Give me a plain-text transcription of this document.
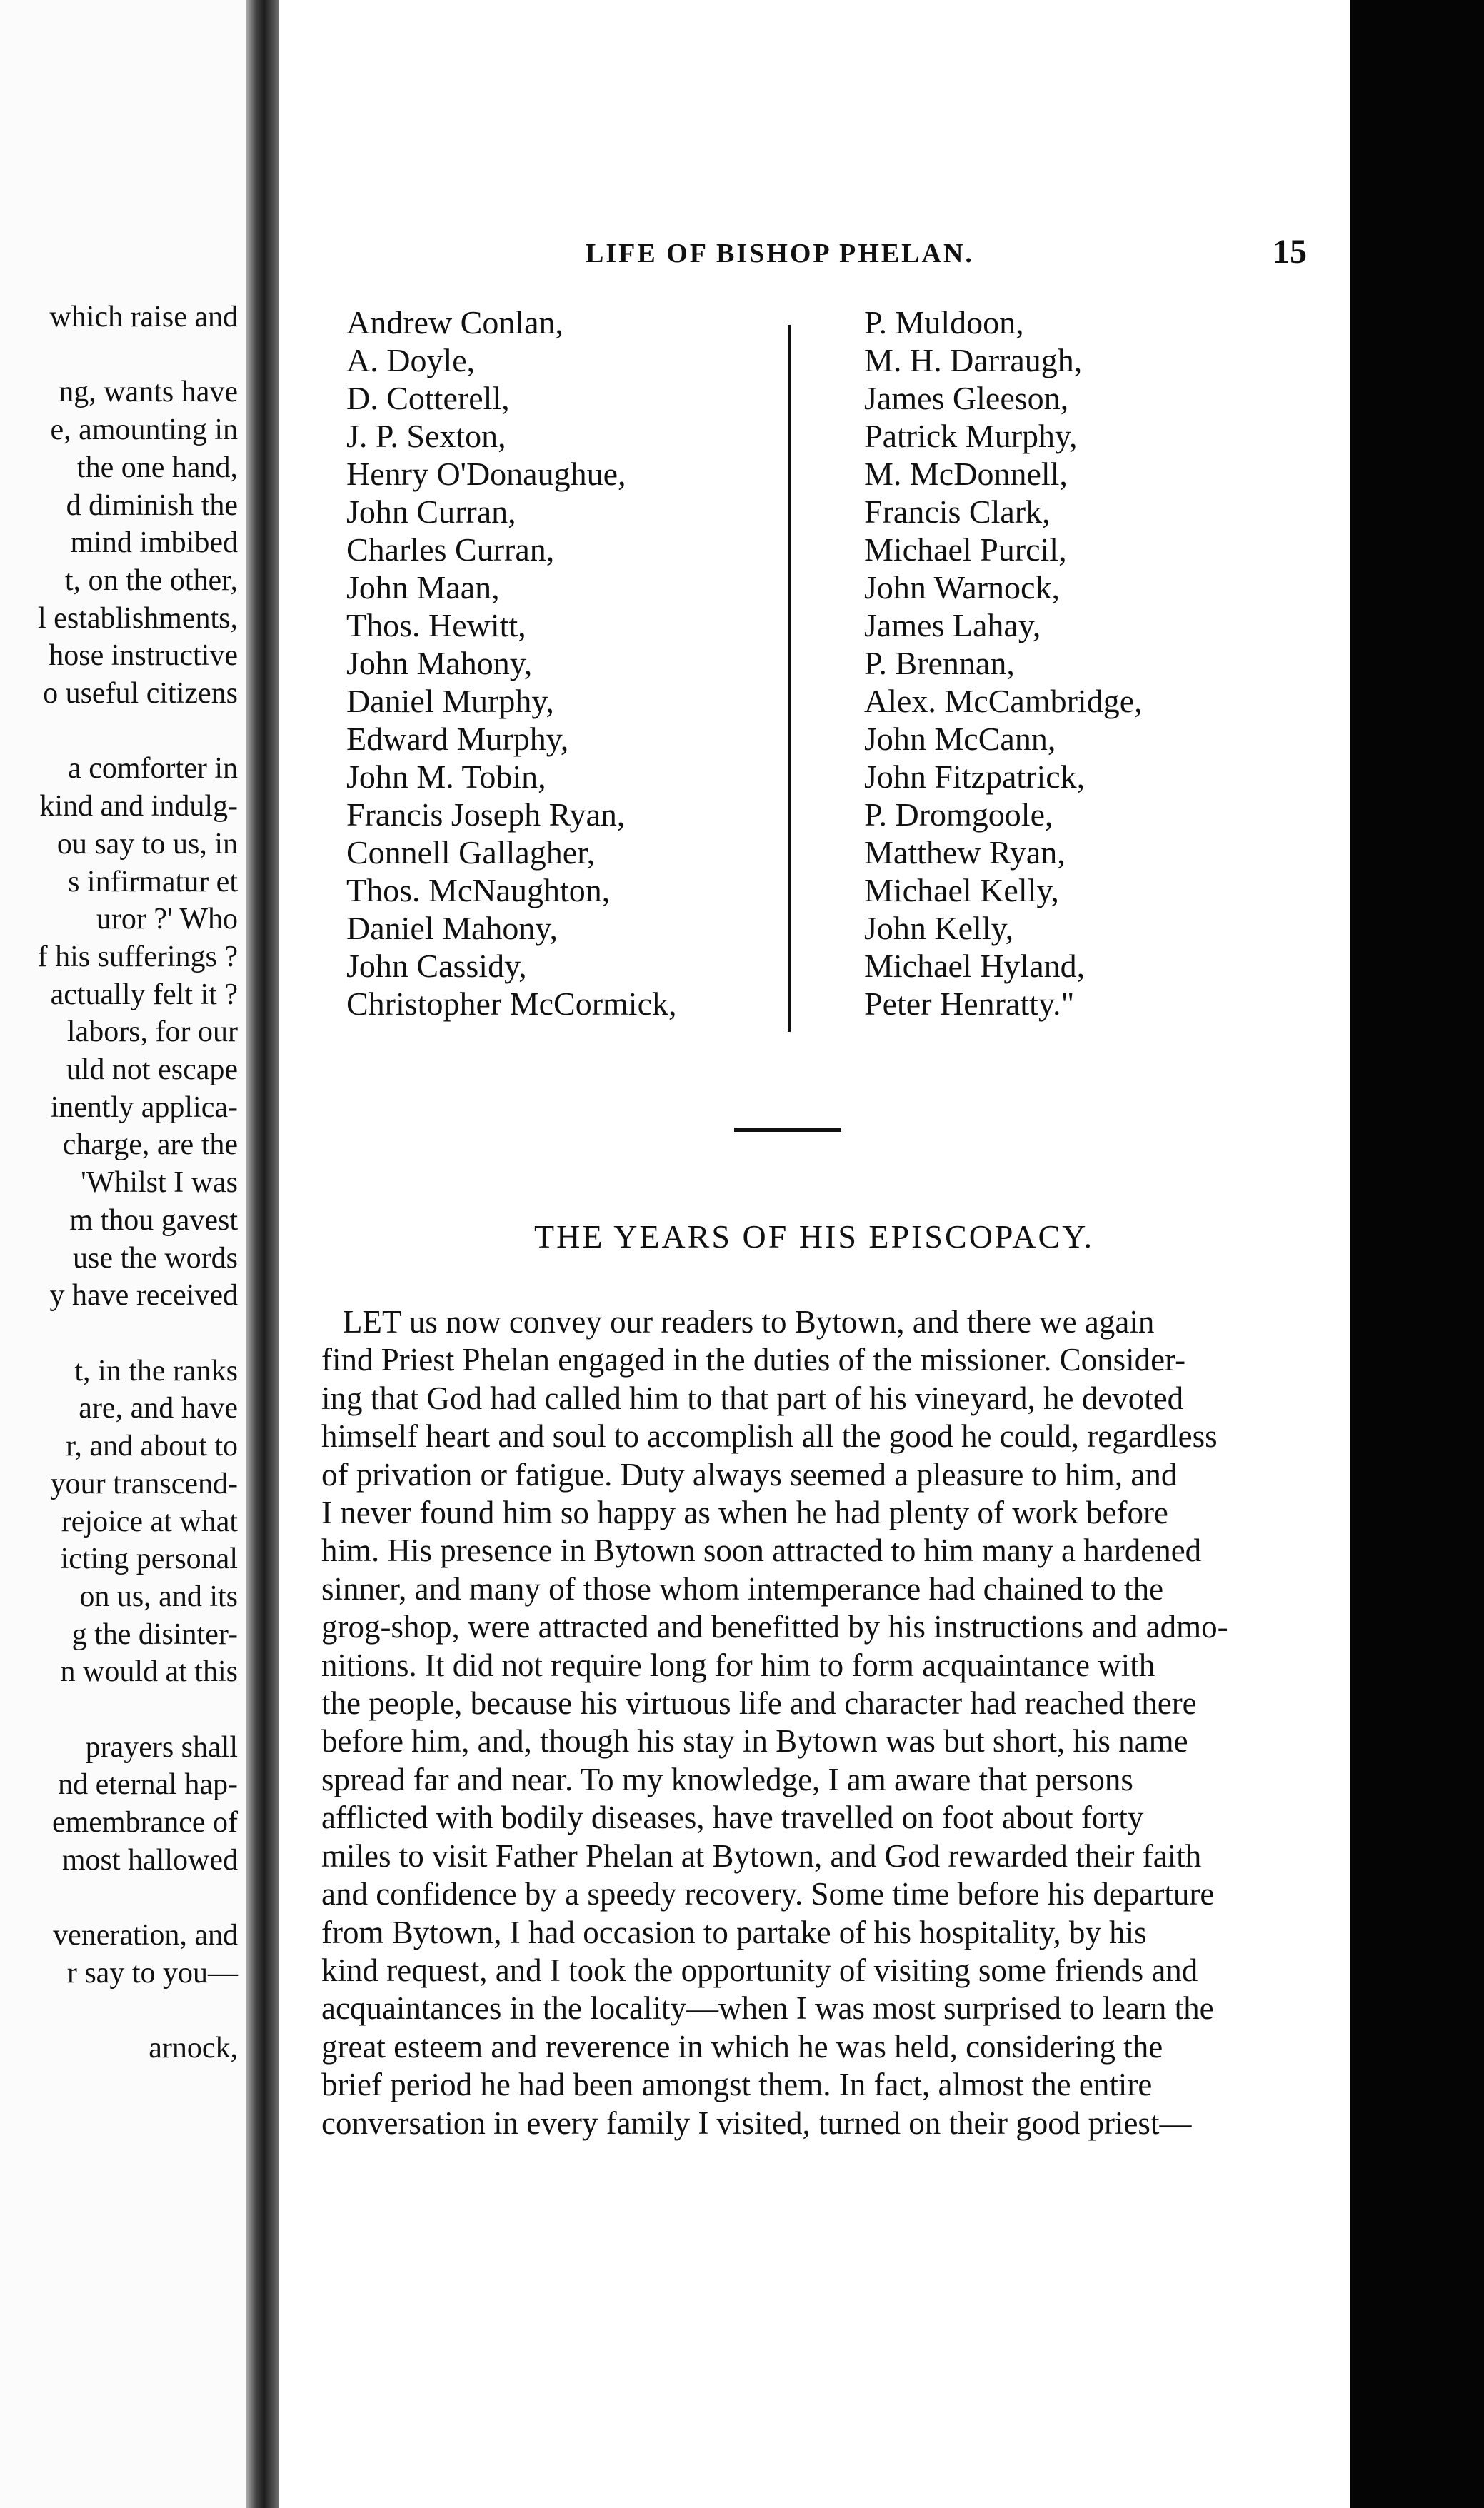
which raise and

ng, wants have
e, amounting in
the one hand,
d diminish the
mind imbibed
t, on the other,
l establishments,
hose instructive
o useful citizens

a comforter in
kind and indulg-
ou say to us, in
s infirmatur et
uror ?' Who
f his sufferings ?
actually felt it ?
labors, for our
uld not escape
inently applica-
charge, are the
'Whilst I was
m thou gavest
use the words
y have received

t, in the ranks
are, and have
r, and about to
your transcend-
rejoice at what
icting personal
on us, and its
g the disinter-
n would at this

prayers shall
nd eternal hap-
emembrance of
most hallowed

veneration, and
r say to you—

arnock,
LIFE OF BISHOP PHELAN.	15
Andrew Conlan,
A. Doyle,
D. Cotterell,
J. P. Sexton,
Henry O'Donaughue,
John Curran,
Charles Curran,
John Maan,
Thos. Hewitt,
John Mahony,
Daniel Murphy,
Edward Murphy,
John M. Tobin,
Francis Joseph Ryan,
Connell Gallagher,
Thos. McNaughton,
Daniel Mahony,
John Cassidy,
Christopher McCormick,
P. Muldoon,
M. H. Darraugh,
James Gleeson,
Patrick Murphy,
M. McDonnell,
Francis Clark,
Michael Purcil,
John Warnock,
James Lahay,
P. Brennan,
Alex. McCambridge,
John McCann,
John Fitzpatrick,
P. Dromgoole,
Matthew Ryan,
Michael Kelly,
John Kelly,
Michael Hyland,
Peter Henratty."
THE YEARS OF HIS EPISCOPACY.
LET us now convey our readers to Bytown, and there we again
find Priest Phelan engaged in the duties of the missioner. Consider-
ing that God had called him to that part of his vineyard, he devoted
himself heart and soul to accomplish all the good he could, regardless
of privation or fatigue. Duty always seemed a pleasure to him, and
I never found him so happy as when he had plenty of work before
him. His presence in Bytown soon attracted to him many a hardened
sinner, and many of those whom intemperance had chained to the
grog-shop, were attracted and benefitted by his instructions and admo-
nitions. It did not require long for him to form acquaintance with
the people, because his virtuous life and character had reached there
before him, and, though his stay in Bytown was but short, his name
spread far and near. To my knowledge, I am aware that persons
afflicted with bodily diseases, have travelled on foot about forty
miles to visit Father Phelan at Bytown, and God rewarded their faith
and confidence by a speedy recovery. Some time before his departure
from Bytown, I had occasion to partake of his hospitality, by his
kind request, and I took the opportunity of visiting some friends and
acquaintances in the locality—when I was most surprised to learn the
great esteem and reverence in which he was held, considering the
brief period he had been amongst them. In fact, almost the entire
conversation in every family I visited, turned on their good priest—
